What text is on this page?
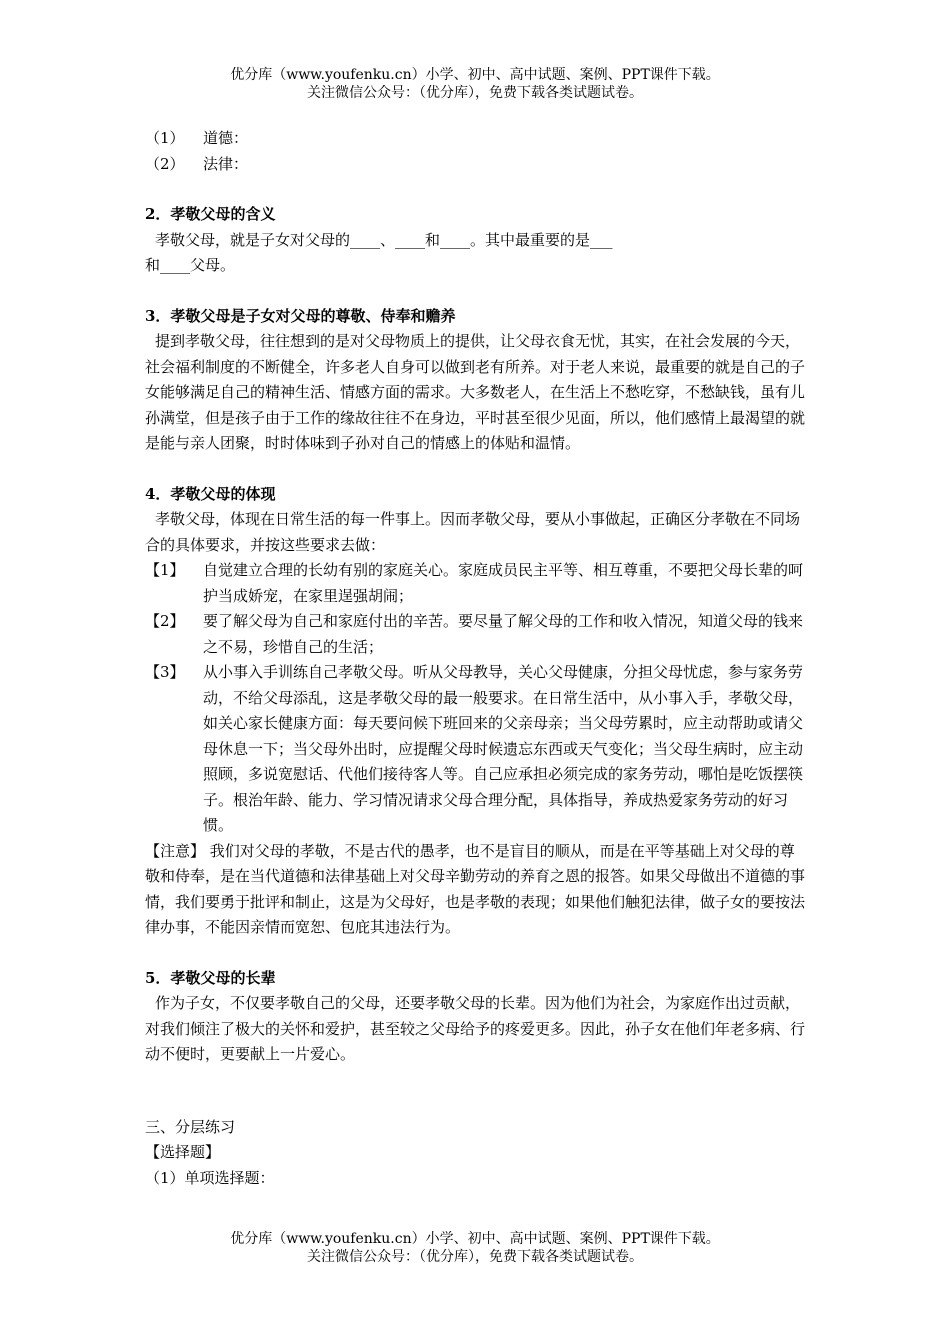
优分库（www.youfenku.cn）小学、初中、高中试题、案例、PPT课件下载。
关注微信公众号：（优分库），免费下载各类试题试卷。
（1）	道德：
（2）	法律：

2．孝敬父母的含义

孝敬父母，就是子女对父母的____、____和____。其中最重要的是___

和____父母。

3．孝敬父母是子女对父母的尊敬、侍奉和赡养

提到孝敬父母，往往想到的是对父母物质上的提供，让父母衣食无忧，其实，在社会发展的今天，社会福利制度的不断健全，许多老人自身可以做到老有所养。对于老人来说，最重要的就是自己的子女能够满足自己的精神生活、情感方面的需求。大多数老人，在生活上不愁吃穿，不愁缺钱，虽有儿孙满堂，但是孩子由于工作的缘故往往不在身边，平时甚至很少见面，所以，他们感情上最渴望的就是能与亲人团聚，时时体味到子孙对自己的情感上的体贴和温情。

4．孝敬父母的体现

孝敬父母，体现在日常生活的每一件事上。因而孝敬父母，要从小事做起，正确区分孝敬在不同场合的具体要求，并按这些要求去做：

【1】	自觉建立合理的长幼有别的家庭关心。家庭成员民主平等、相互尊重，不要把父母长辈的呵护当成娇宠，在家里逞强胡闹；
【2】	要了解父母为自己和家庭付出的辛苦。要尽量了解父母的工作和收入情况，知道父母的钱来之不易，珍惜自己的生活；
【3】	从小事入手训练自己孝敬父母。听从父母教导，关心父母健康，分担父母忧虑，参与家务劳动，不给父母添乱，这是孝敬父母的最一般要求。在日常生活中，从小事入手，孝敬父母，如关心家长健康方面：每天要问候下班回来的父亲母亲；当父母劳累时，应主动帮助或请父母休息一下；当父母外出时，应提醒父母时候遗忘东西或天气变化；当父母生病时，应主动照顾，多说宽慰话、代他们接待客人等。自己应承担必须完成的家务劳动，哪怕是吃饭摆筷子。根治年龄、能力、学习情况请求父母合理分配，具体指导，养成热爱家务劳动的好习惯。

【注意】 我们对父母的孝敬，不是古代的愚孝，也不是盲目的顺从，而是在平等基础上对父母的尊敬和侍奉，是在当代道德和法律基础上对父母辛勤劳动的养育之恩的报答。如果父母做出不道德的事情，我们要勇于批评和制止，这是为父母好，也是孝敬的表现；如果他们触犯法律，做子女的要按法律办事，不能因亲情而宽恕、包庇其违法行为。

5．孝敬父母的长辈

作为子女，不仅要孝敬自己的父母，还要孝敬父母的长辈。因为他们为社会，为家庭作出过贡献，对我们倾注了极大的关怀和爱护，甚至较之父母给予的疼爱更多。因此，孙子女在他们年老多病、行动不便时，更要献上一片爱心。

三、分层练习

【选择题】

（1）单项选择题：

优分库（www.youfenku.cn）小学、初中、高中试题、案例、PPT课件下载。
关注微信公众号：（优分库），免费下载各类试题试卷。
